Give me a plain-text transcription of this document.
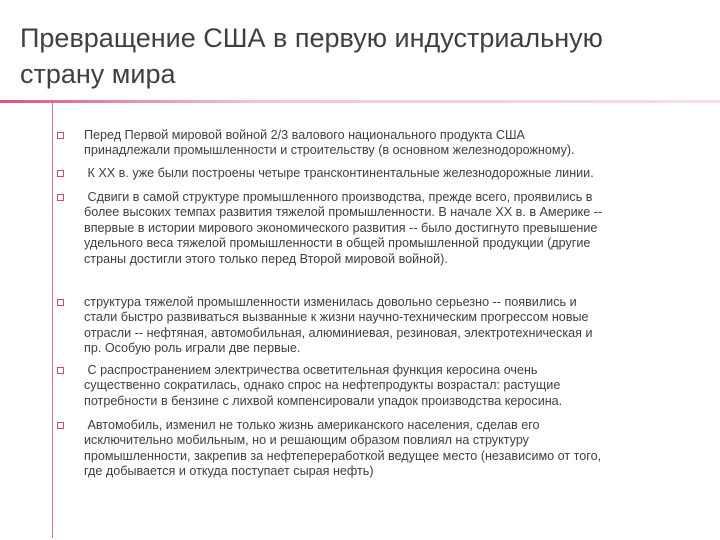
Превращение США в первую индустриальную
страну мира
Перед Первой мировой войной 2/3 валового национального продукта США
принадлежали промышленности и строительству (в основном железнодорожному).
К XX в. уже были построены четыре трансконтинентальные железнодорожные линии.
Сдвиги в самой структуре промышленного производства, прежде всего, проявились в
более высоких темпах развития тяжелой промышленности. В начале XX в. в Америке --
впервые в истории мирового экономического развития -- было достигнуто превышение
удельного веса тяжелой промышленности в общей промышленной продукции (другие
страны достигли этого только перед Второй мировой войной).
структура тяжелой промышленности изменилась довольно серьезно -- появились и
стали быстро развиваться вызванные к жизни научно-техническим прогрессом новые
отрасли -- нефтяная, автомобильная, алюминиевая, резиновая, электротехническая и
пр. Особую роль играли две первые.
С распространением электричества осветительная функция керосина очень
существенно сократилась, однако спрос на нефтепродукты возрастал: растущие
потребности в бензине с лихвой компенсировали упадок производства керосина.
Автомобиль, изменил не только жизнь американского населения, сделав его
исключительно мобильным, но и решающим образом повлиял на структуру
промышленности, закрепив за нефтепереработкой ведущее место (независимо от того,
где добывается и откуда поступает сырая нефть)
